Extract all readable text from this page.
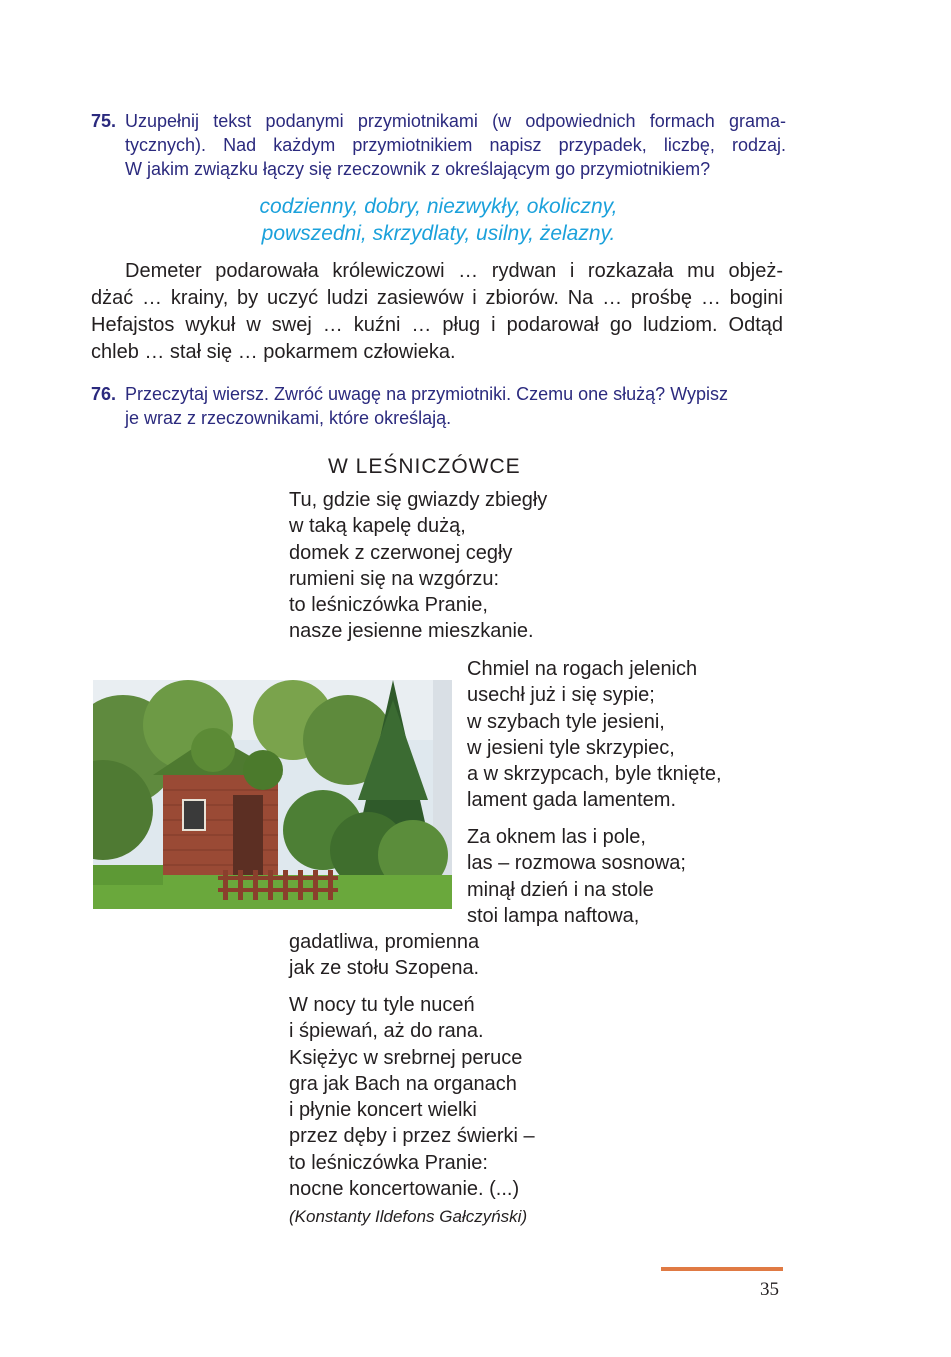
75. Uzupełnij tekst podanymi przymiotnikami (w odpowiednich formach grama-
tycznych). Nad każdym przymiotnikiem napisz przypadek, liczbę, rodzaj.
W jakim związku łączy się rzeczownik z określającym go przymiotnikiem?
codzienny, dobry, niezwykły, okoliczny,
powszedni, skrzydlaty, usilny, żelazny.
Demeter podarowała królewiczowi … rydwan i rozkazała mu objeż-
dżać … krainy, by uczyć ludzi zasiewów i zbiorów. Na … prośbę … bogini
Hefajstos wykuł w swej … kuźni … pług i podarował go ludziom. Odtąd
chleb … stał się … pokarmem człowieka.
76. Przeczytaj wiersz. Zwróć uwagę na przymiotniki. Czemu one służą? Wypisz
je wraz z rzeczownikami, które określają.
W LEŚNICZÓWCE
Tu, gdzie się gwiazdy zbiegły
w taką kapelę dużą,
domek z czerwonej cegły
rumieni się na wzgórzu:
to leśniczówka Pranie,
nasze jesienne mieszkanie.
Chmiel na rogach jelenich
usechł już i się sypie;
w szybach tyle jesieni,
w jesieni tyle skrzypiec,
a w skrzypcach, byle tknięte,
lament gada lamentem.
Za oknem las i pole,
las – rozmowa sosnowa;
minął dzień i na stole
stoi lampa naftowa,
gadatliwa, promienna
jak ze stołu Szopena.
W nocy tu tyle nuceń
i śpiewań, aż do rana.
Księżyc w srebrnej peruce
gra jak Bach na organach
i płynie koncert wielki
przez dęby i przez świerki –
to leśniczówka Pranie:
nocne koncertowanie. (...)
(Konstanty Ildefons Gałczyński)
35
